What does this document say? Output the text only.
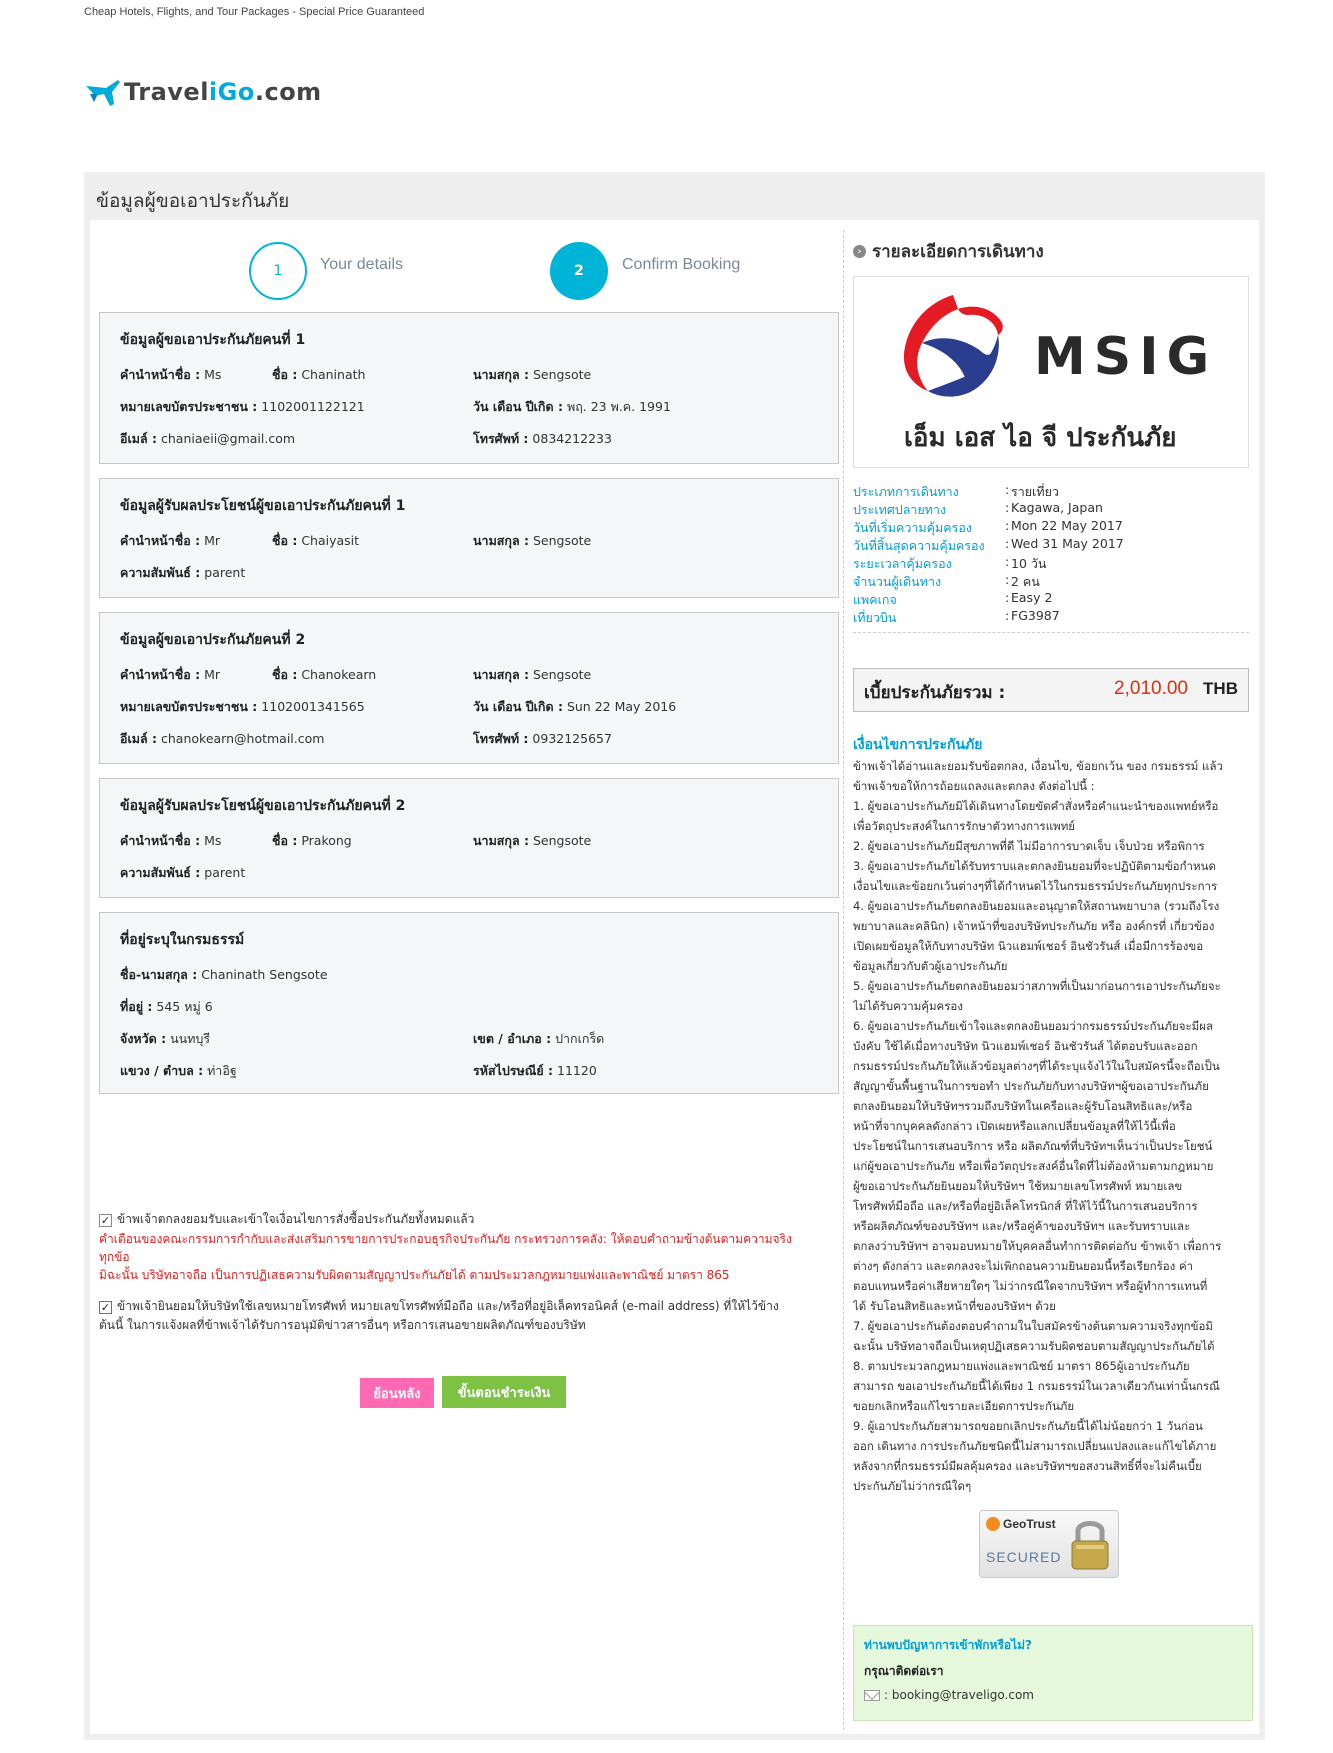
Cheap Hotels, Flights, and Tour Packages - Special Price Guaranteed
TraveliGo.com
ข้อมูลผู้ขอเอาประกันภัย
1	Your details	2	Confirm Booking
ข้อมูลผู้ขอเอาประกันภัยคนที่ 1
คำนำหน้าชื่อ : Ms	ชื่อ : Chaninath	นามสกุล : Sengsote
หมายเลขบัตรประชาชน : 1102001122121	วัน เดือน ปีเกิด : พฤ. 23 พ.ค. 1991
อีเมล์ : chaniaeii@gmail.com	โทรศัพท์ : 0834212233
ข้อมูลผู้รับผลประโยชน์ผู้ขอเอาประกันภัยคนที่ 1
คำนำหน้าชื่อ : Mr	ชื่อ : Chaiyasit	นามสกุล : Sengsote
ความสัมพันธ์ : parent
ข้อมูลผู้ขอเอาประกันภัยคนที่ 2
คำนำหน้าชื่อ : Mr	ชื่อ : Chanokearn	นามสกุล : Sengsote
หมายเลขบัตรประชาชน : 1102001341565	วัน เดือน ปีเกิด : Sun 22 May 2016
อีเมล์ : chanokearn@hotmail.com	โทรศัพท์ : 0932125657
ข้อมูลผู้รับผลประโยชน์ผู้ขอเอาประกันภัยคนที่ 2
คำนำหน้าชื่อ : Ms	ชื่อ : Prakong	นามสกุล : Sengsote
ความสัมพันธ์ : parent
ที่อยู่ระบุในกรมธรรม์
ชื่อ-นามสกุล : Chaninath Sengsote
ที่อยู่ : 545 หมู่ 6
จังหวัด : นนทบุรี	เขต / อำเภอ : ปากเกร็ด
แขวง / ตำบล : ท่าอิฐ	รหัสไปรษณีย์ : 11120
✓ ข้าพเจ้าตกลงยอมรับและเข้าใจเงื่อนไขการสั่งซื้อประกันภัยทั้งหมดแล้ว
คำเตือนของคณะกรรมการกำกับและส่งเสริมการขายการประกอบธุรกิจประกันภัย กระทรวงการคลัง: ให้ตอบคำถามข้างต้นตามความจริง
ทุกข้อ
มิฉะนั้น บริษัทอาจถือ เป็นการปฏิเสธความรับผิดตามสัญญาประกันภัยได้ ตามประมวลกฎหมายแพ่งและพาณิชย์ มาตรา 865
✓ ข้าพเจ้ายินยอมให้บริษัทใช้เลขหมายโทรศัพท์ หมายเลขโทรศัพท์มือถือ และ/หรือที่อยู่อิเล็คทรอนิคส์ (e-mail address) ที่ให้ไว้ข้าง
ต้นนี้ ในการแจ้งผลที่ข้าพเจ้าได้รับการอนุมัติข่าวสารอื่นๆ หรือการเสนอขายผลิตภัณฑ์ของบริษัท
ย้อนหลัง	ขั้นตอนชำระเงิน
› รายละเอียดการเดินทาง
MSIG
เอ็ม เอส ไอ จี ประกันภัย
ประเภทการเดินทาง	: รายเที่ยว
ประเทศปลายทาง	: Kagawa, Japan
วันที่เริ่มความคุ้มครอง	: Mon 22 May 2017
วันที่สิ้นสุดความคุ้มครอง : Wed 31 May 2017
ระยะเวลาคุ้มครอง	: 10 วัน
จำนวนผู้เดินทาง	: 2 คน
แพคเกจ	: Easy 2
เที่ยวบิน	: FG3987
เบี้ยประกันภัยรวม :	2,010.00 THB
เงื่อนไขการประกันภัย
ข้าพเจ้าได้อ่านและยอมรับข้อตกลง, เงื่อนไข, ข้อยกเว้น ของ กรมธรรม์ แล้ว
ข้าพเจ้าขอให้การถ้อยแถลงและตกลง ดังต่อไปนี้ :
1. ผู้ขอเอาประกันภัยมิได้เดินทางโดยขัดคำสั่งหรือคำแนะนำของแพทย์หรือ
เพื่อวัตถุประสงค์ในการรักษาตัวทางการแพทย์
2. ผู้ขอเอาประกันภัยมีสุขภาพที่ดี ไม่มีอาการบาดเจ็บ เจ็บป่วย หรือพิการ
3. ผู้ขอเอาประกันภัยได้รับทราบและตกลงยินยอมที่จะปฏิบัติตามข้อกำหนด
เงื่อนไขและข้อยกเว้นต่างๆที่ได้กำหนดไว้ในกรมธรรม์ประกันภัยทุกประการ
4. ผู้ขอเอาประกันภัยตกลงยินยอมและอนุญาตให้สถานพยาบาล (รวมถึงโรง
พยาบาลและคลินิก) เจ้าหน้าที่ของบริษัทประกันภัย หรือ องค์กรที่ เกี่ยวข้อง
เปิดเผยข้อมูลให้กับทางบริษัท นิวแฮมพ์เชอร์ อินชัวรันส์ เมื่อมีการร้องขอ
ข้อมูลเกี่ยวกับตัวผู้เอาประกันภัย
5. ผู้ขอเอาประกันภัยตกลงยินยอมว่าสภาพที่เป็นมาก่อนการเอาประกันภัยจะ
ไม่ได้รับความคุ้มครอง
6. ผู้ขอเอาประกันภัยเข้าใจและตกลงยินยอมว่ากรมธรรม์ประกันภัยจะมีผล
บังคับ ใช้ได้เมื่อทางบริษัท นิวแฮมพ์เชอร์ อินชัวรันส์ ได้ตอบรับและออก
กรมธรรม์ประกันภัยให้แล้วข้อมูลต่างๆที่ได้ระบุแจ้งไว้ในใบสมัครนี้จะถือเป็น
สัญญาขั้นพื้นฐานในการขอทำ ประกันภัยกับทางบริษัทฯผู้ขอเอาประกันภัย
ตกลงยินยอมให้บริษัทฯรวมถึงบริษัทในเครือและผู้รับโอนสิทธิและ/หรือ
หน้าที่จากบุคคลดังกล่าว เปิดเผยหรือแลกเปลี่ยนข้อมูลที่ให้ไว้นี้เพื่อ
ประโยชน์ในการเสนอบริการ หรือ ผลิตภัณฑ์ที่บริษัทฯเห็นว่าเป็นประโยชน์
แก่ผู้ขอเอาประกันภัย หรือเพื่อวัตถุประสงค์อื่นใดที่ไม่ต้องห้ามตามกฎหมาย
ผู้ขอเอาประกันภัยยินยอมให้บริษัทฯ ใช้หมายเลขโทรศัพท์ หมายเลข
โทรศัพท์มือถือ และ/หรือที่อยู่อิเล็คโทรนิกส์ ที่ให้ไว้นี้ในการเสนอบริการ
หรือผลิตภัณฑ์ของบริษัทฯ และ/หรือคู่ค้าของบริษัทฯ และรับทราบและ
ตกลงว่าบริษัทฯ อาจมอบหมายให้บุคคลอื่นทำการติดต่อกับ ข้าพเจ้า เพื่อการ
ต่างๆ ดังกล่าว และตกลงจะไม่เพิกถอนความยินยอมนี้หรือเรียกร้อง ค่า
ตอบแทนหรือค่าเสียหายใดๆ ไม่ว่ากรณีใดจากบริษัทฯ หรือผู้ทำการแทนที่
ได้ รับโอนสิทธิและหน้าที่ของบริษัทฯ ด้วย
7. ผู้ขอเอาประกันต้องตอบคำถามในใบสมัครข้างต้นตามความจริงทุกข้อมิ
ฉะนั้น บริษัทอาจถือเป็นเหตุปฏิเสธความรับผิดชอบตามสัญญาประกันภัยได้
8. ตามประมวลกฎหมายแพ่งและพาณิชย์ มาตรา 865ผู้เอาประกันภัย
สามารถ ขอเอาประกันภัยนี้ได้เพียง 1 กรมธรรม์ในเวลาเดียวกันเท่านั้นกรณี
ขอยกเลิกหรือแก้ไขรายละเอียดการประกันภัย
9. ผู้เอาประกันภัยสามารถขอยกเลิกประกันภัยนี้ได้ไม่น้อยกว่า 1 วันก่อน
ออก เดินทาง การประกันภัยชนิดนี้ไม่สามารถเปลี่ยนแปลงและแก้ไขได้ภาย
หลังจากที่กรมธรรม์มีผลคุ้มครอง และบริษัทฯขอสงวนสิทธิ์ที่จะไม่คืนเบี้ย
ประกันภัยไม่ว่ากรณีใดๆ
GeoTrust
SECURED
ท่านพบปัญหาการเข้าพักหรือไม่?
กรุณาติดต่อเรา
: booking@traveligo.com
